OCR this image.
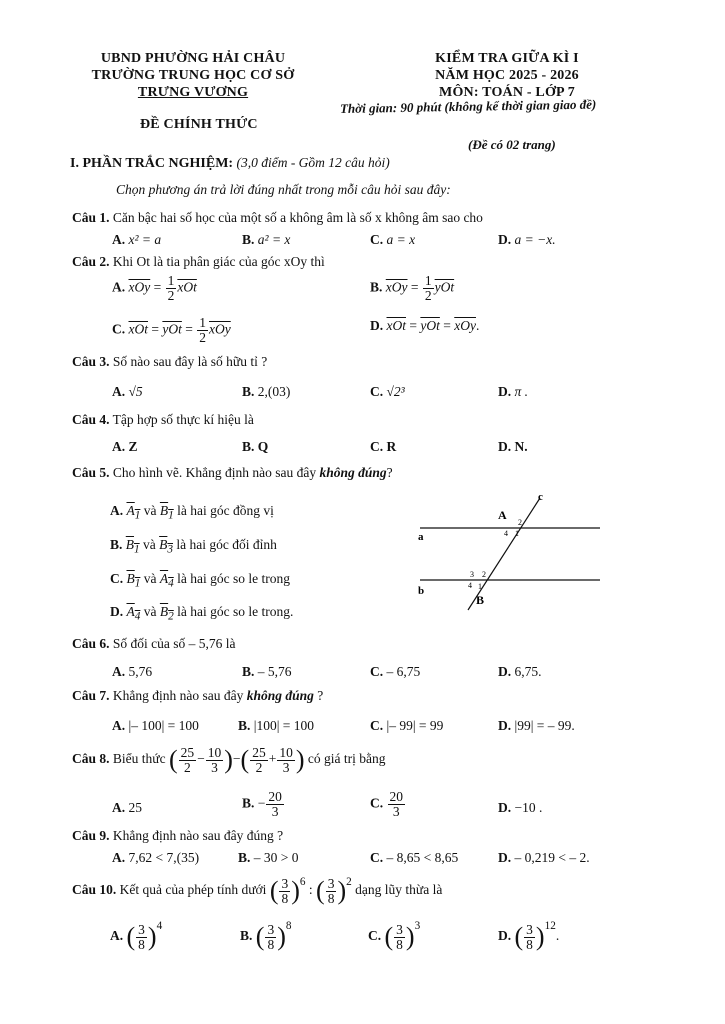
UBND PHƯỜNG HẢI CHÂU
TRƯỜNG TRUNG HỌC CƠ SỞ
TRƯNG VƯƠNG
KIỂM TRA GIỮA KÌ I
NĂM HỌC 2025 - 2026
MÔN: TOÁN - LỚP 7
Thời gian: 90 phút (không kể thời gian giao đề)
ĐỀ CHÍNH THỨC
(Đề có 02 trang)
I. PHẦN TRẮC NGHIỆM: (3,0 điểm - Gồm 12 câu hỏi)
Chọn phương án trả lời đúng nhất trong mỗi câu hỏi sau đây:
Câu 1. Căn bậc hai số học của một số a không âm là số x không âm sao cho
A. x² = a	B. a² = x	C. a = x	D. a = −x.
Câu 2. Khi Ot là tia phân giác của góc xOy thì
A. $\overline{xOy} = \frac{1}{2} \overline{xOt}$	B. $\overline{xOy} = \frac{1}{2} \overline{yOt}$
C. $\overline{xOt} = \overline{yOt} = \frac{1}{2} \overline{xOy}$	D. $\overline{xOt} = \overline{yOt} = \overline{xOy}$.
Câu 3. Số nào sau đây là số hữu tỉ ?
A. √5	B. 2,(03)	C. √2³	D. π .
Câu 4. Tập hợp số thực kí hiệu là
A. Z	B. Q	C. R	D. N.
Câu 5. Cho hình vẽ. Khẳng định nào sau đây không đúng?
A. $A_1$ và $B_1$ là hai góc đồng vị
B. $B_1$ và $B_3$ là hai góc đối đỉnh
C. $B_1$ và $A_4$ là hai góc so le trong
D. $A_4$ và $B_2$ là hai góc so le trong.
c
a
b
A
B
2
1
4
3 2
4 1
Câu 6. Số đối của số – 5,76 là
A. 5,76	B. – 5,76	C. – 6,75	D. 6,75.
Câu 7. Khẳng định nào sau đây không đúng ?
A. |– 100| = 100	B. |100| = 100	C. |– 99| = 99	D. |99| = – 99.
Câu 8. Biểu thức ( $\frac{25}{2} - \frac{10}{3}$ )−( $\frac{25}{2} + \frac{10}{3}$ ) có giá trị bằng
A. 25	B. − $\frac{20}{3}$	C. $\frac{20}{3}$	D. −10 .
Câu 9. Khẳng định nào sau đây đúng ?
A. 7,62 < 7,(35)	B. – 30 > 0	C. – 8,65 < 8,65	D. – 0,219 < – 2.
Câu 10. Kết quả của phép tính dưới ( $\frac{3}{8} )^6$ : ( $\frac{3}{8} )^2$ dạng lũy thừa là
A. ( $\frac{3}{8} )^4$
B. ( $\frac{3}{8} )^8$
C. ( $\frac{3}{8} )^3$
D. ( $\frac{3}{8} )^{12}$.
